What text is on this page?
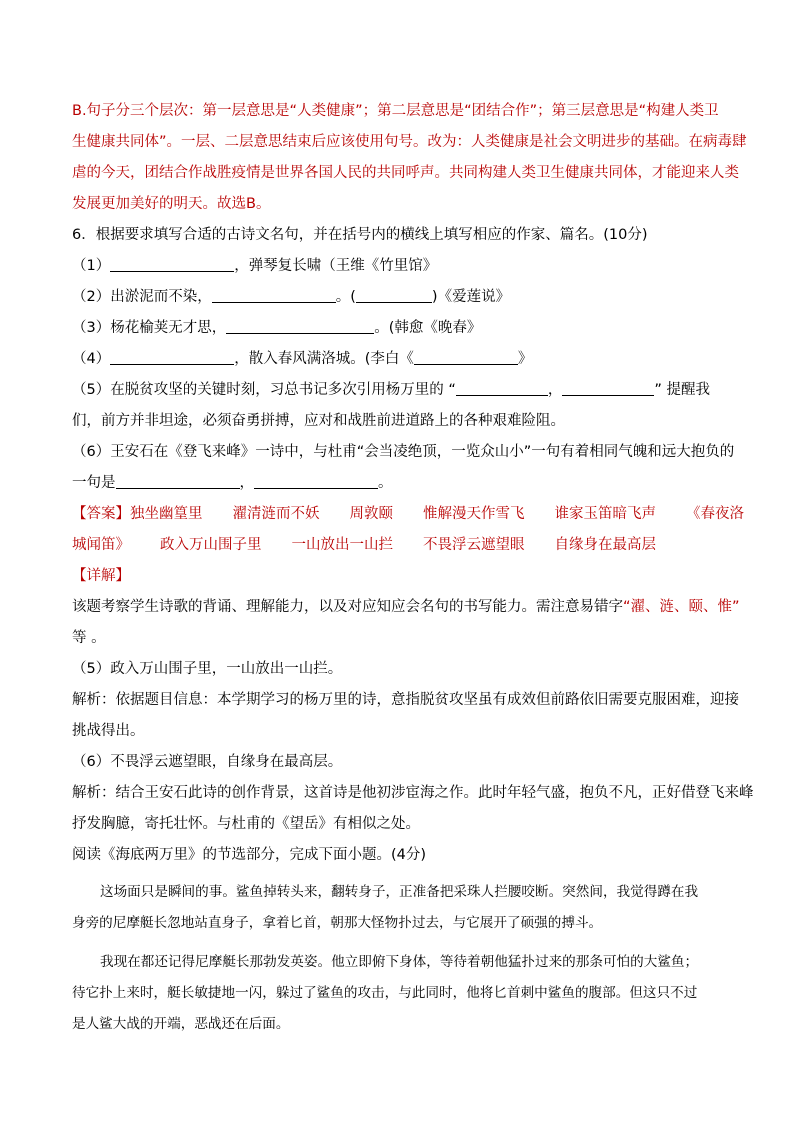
B.句子分三个层次：第一层意思是“人类健康”；第二层意思是“团结合作”；第三层意思是“构建人类卫
生健康共同体”。一层、二层意思结束后应该使用句号。改为：人类健康是社会文明进步的基础。在病毒肆
虐的今天，团结合作战胜疫情是世界各国人民的共同呼声。共同构建人类卫生健康共同体，才能迎来人类
发展更加美好的明天。故选B。
6．根据要求填写合适的古诗文名句，并在括号内的横线上填写相应的作家、篇名。(10分)
（1）	，弹琴复长啸（王维《竹里馆》
（2）出淤泥而不染，	。(	)《爱莲说》
（3）杨花榆荚无才思，	。(韩愈《晚春》
（4）	，散入春风满洛城。(李白《	》
（5）在脱贫攻坚的关键时刻，习总书记多次引用杨万里的 “	，	” 提醒我
们，前方并非坦途，必须奋勇拼搏，应对和战胜前进道路上的各种艰难险阻。
（6）王安石在《登飞来峰》一诗中，与杜甫“会当凌绝顶，一览众山小”一句有着相同气魄和远大抱负的
一句是	，	。
【答案】独坐幽篁里 濯清涟而不妖 周敦颐 惟解漫天作雪飞 谁家玉笛暗飞声 《春夜洛
城闻笛》 政入万山围子里 一山放出一山拦 不畏浮云遮望眼 自缘身在最高层
【详解】
该题考察学生诗歌的背诵、理解能力，以及对应知应会名句的书写能力。需注意易错字“濯、涟、颐、惟”
等 。
（5）政入万山围子里，一山放出一山拦。
解析：依据题目信息：本学期学习的杨万里的诗，意指脱贫攻坚虽有成效但前路依旧需要克服困难，迎接
挑战得出。
（6）不畏浮云遮望眼，自缘身在最高层。
解析：结合王安石此诗的创作背景，这首诗是他初涉宦海之作。此时年轻气盛，抱负不凡，正好借登飞来峰
抒发胸臆，寄托壮怀。与杜甫的《望岳》有相似之处。
阅读《海底两万里》的节选部分，完成下面小题。(4分)
这场面只是瞬间的事。鲨鱼掉转头来，翻转身子，正准备把采珠人拦腰咬断。突然间，我觉得蹲在我
身旁的尼摩艇长忽地站直身子，拿着匕首，朝那大怪物扑过去，与它展开了硕强的搏斗。
我现在都还记得尼摩艇长那勃发英姿。他立即俯下身体，等待着朝他猛扑过来的那条可怕的大鲨鱼；
待它扑上来时，艇长敏捷地一闪，躲过了鲨鱼的攻击，与此同时，他将匕首刺中鲨鱼的腹部。但这只不过
是人鲨大战的开端，恶战还在后面。
